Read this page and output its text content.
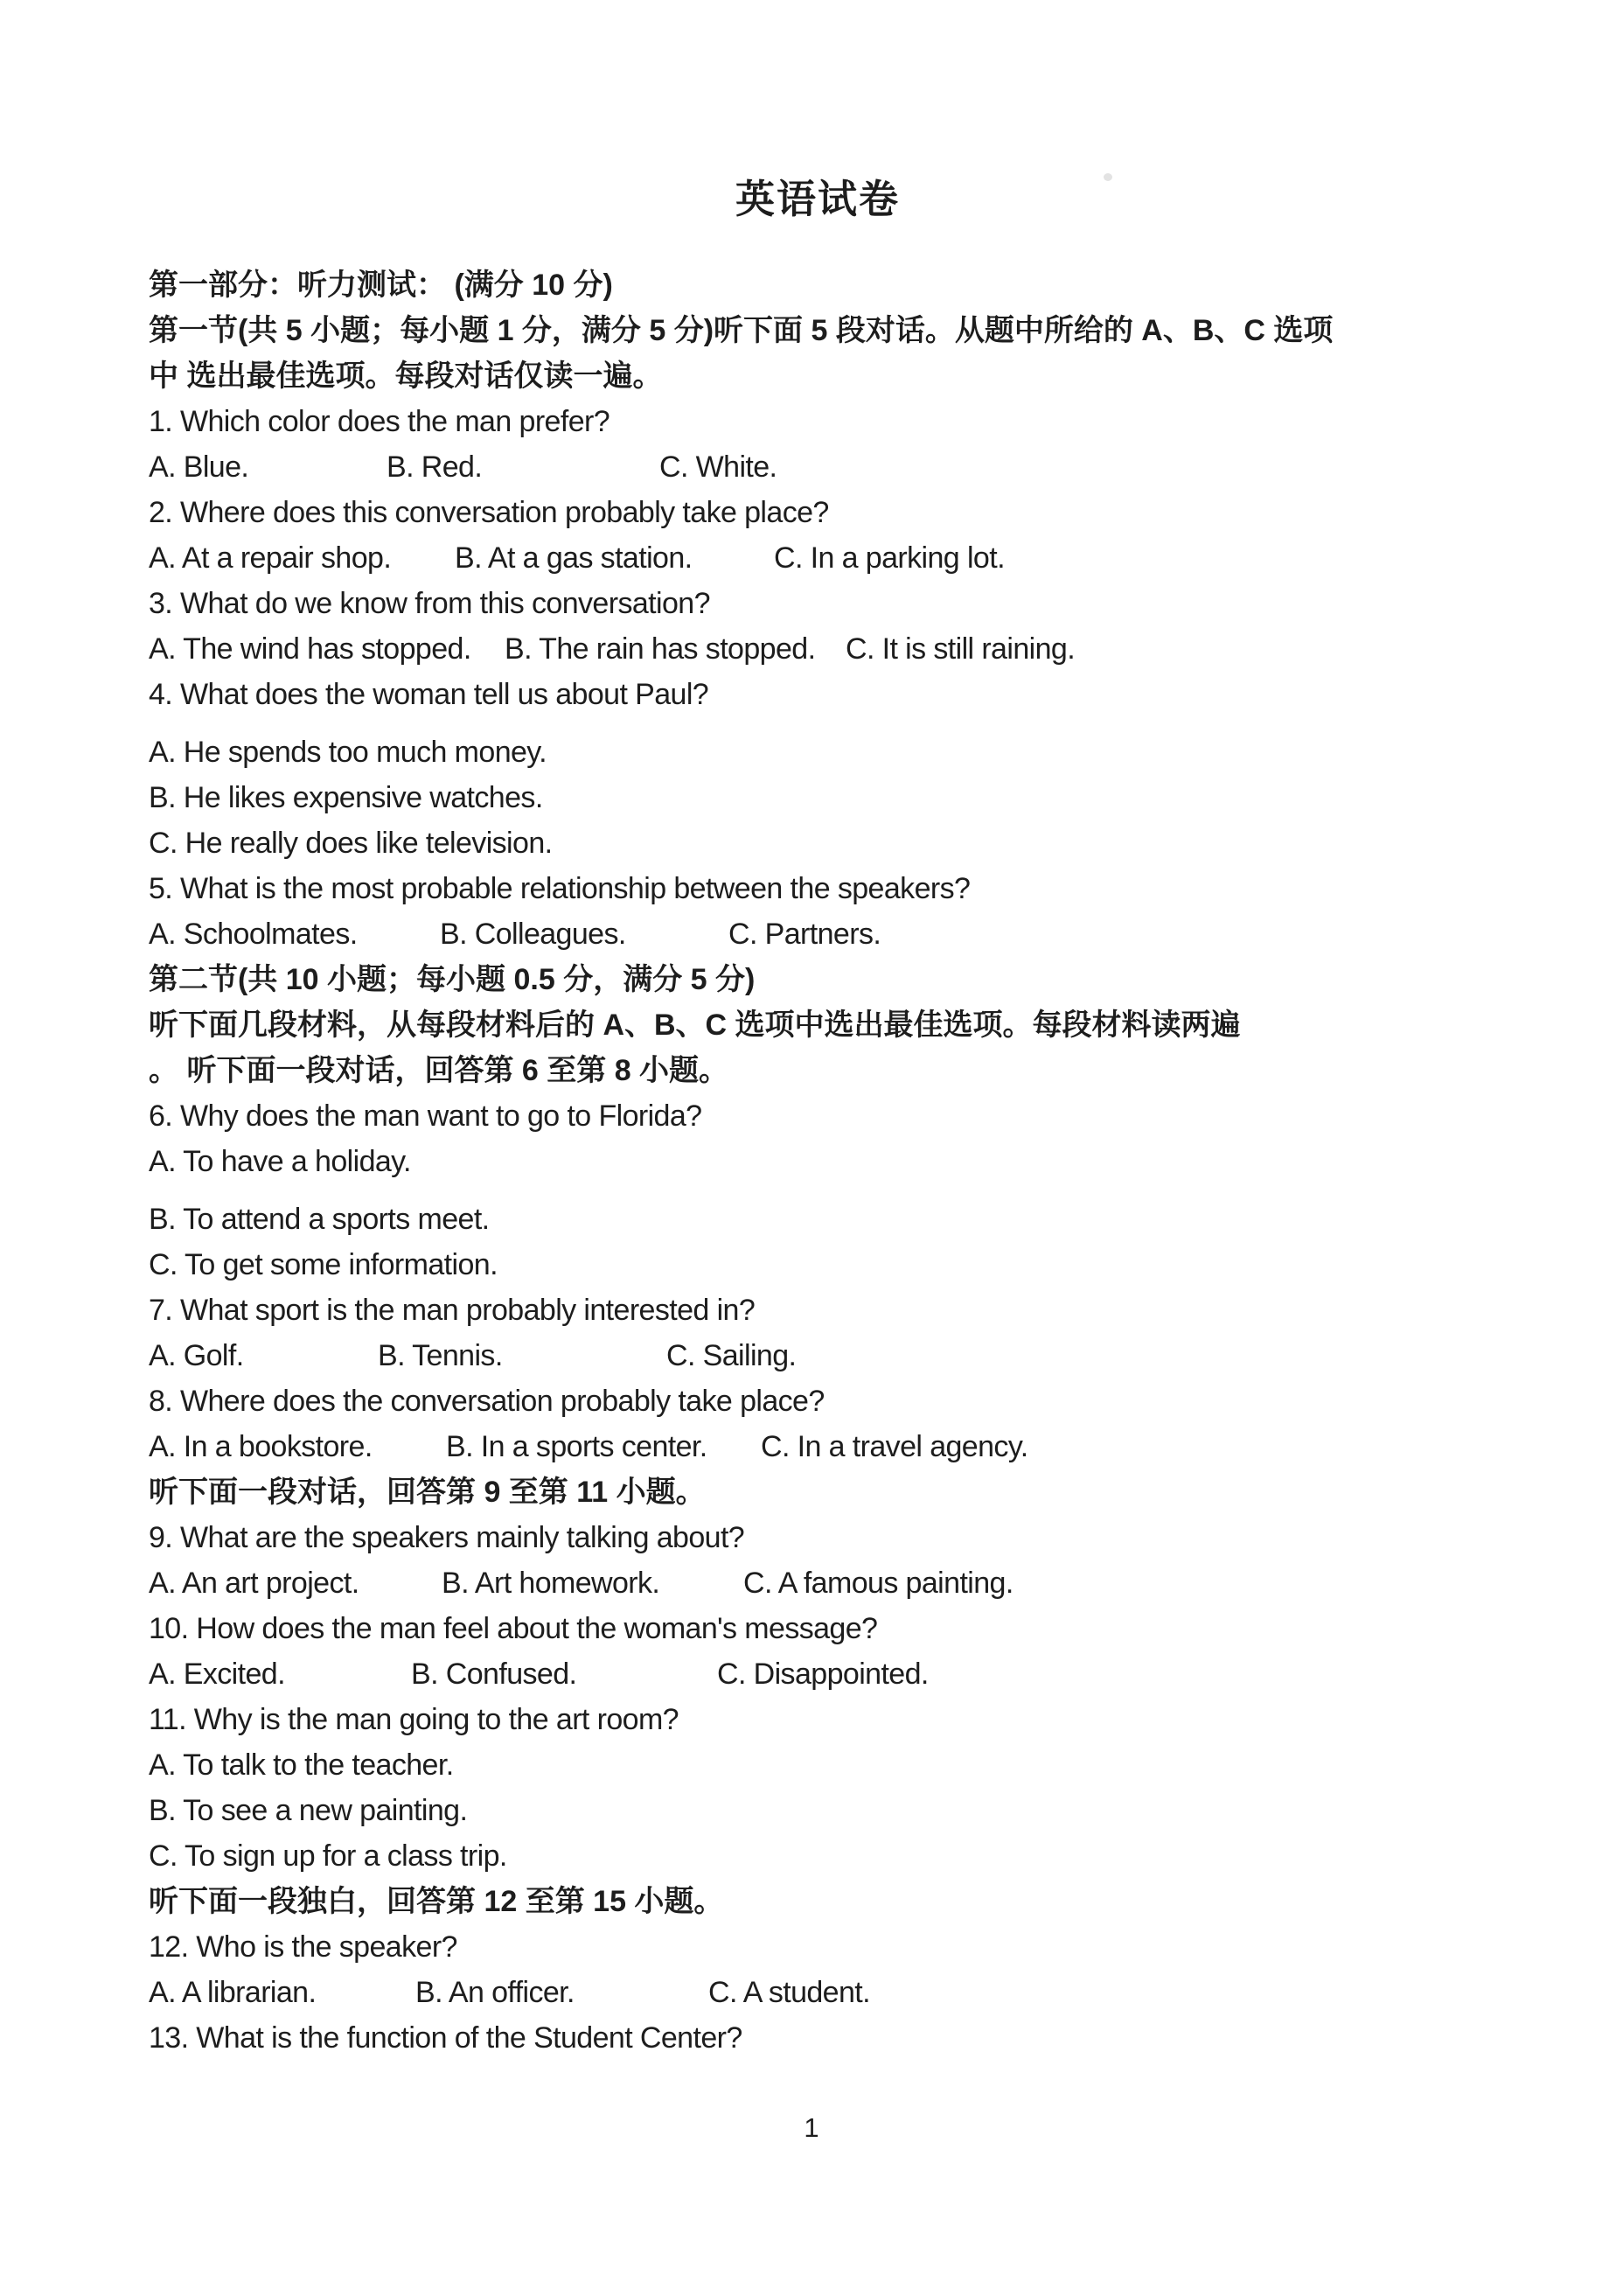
英语试卷
第一部分：听力测试： (满分 10 分)
第一节(共 5 小题；每小题 1 分，满分 5 分)听下面 5 段对话。从题中所给的 A、B、C 选项
中 选出最佳选项。每段对话仅读一遍。
1. Which color does the man prefer?
A. Blue.	B. Red.	C. White.
2. Where does this conversation probably take place?
A. At a repair shop.	B. At a gas station.	C. In a parking lot.
3. What do we know from this conversation?
A. The wind has stopped.	B. The rain has stopped.	C. It is still raining.
4. What does the woman tell us about Paul?
A. He spends too much money.
B. He likes expensive watches.
C. He really does like television.
5. What is the most probable relationship between the speakers?
A. Schoolmates.	B. Colleagues.	C. Partners.
第二节(共 10 小题；每小题 0.5 分，满分 5 分)
听下面几段材料，从每段材料后的 A、B、C 选项中选出最佳选项。每段材料读两遍
。 听下面一段对话，回答第 6 至第 8 小题。
6. Why does the man want to go to Florida?
A. To have a holiday.
B. To attend a sports meet.
C. To get some information.
7. What sport is the man probably interested in?
A. Golf.	B. Tennis.	C. Sailing.
8. Where does the conversation probably take place?
A. In a bookstore.	B. In a sports center.	C. In a travel agency.
听下面一段对话，回答第 9 至第 11 小题。
9. What are the speakers mainly talking about?
A. An art project.	B. Art homework.	C. A famous painting.
10. How does the man feel about the woman's message?
A. Excited.	B. Confused.	C. Disappointed.
11. Why is the man going to the art room?
A. To talk to the teacher.
B. To see a new painting.
C. To sign up for a class trip.
听下面一段独白，回答第 12 至第 15 小题。
12. Who is the speaker?
A. A librarian.	B. An officer.	C. A student.
13. What is the function of the Student Center?
1
